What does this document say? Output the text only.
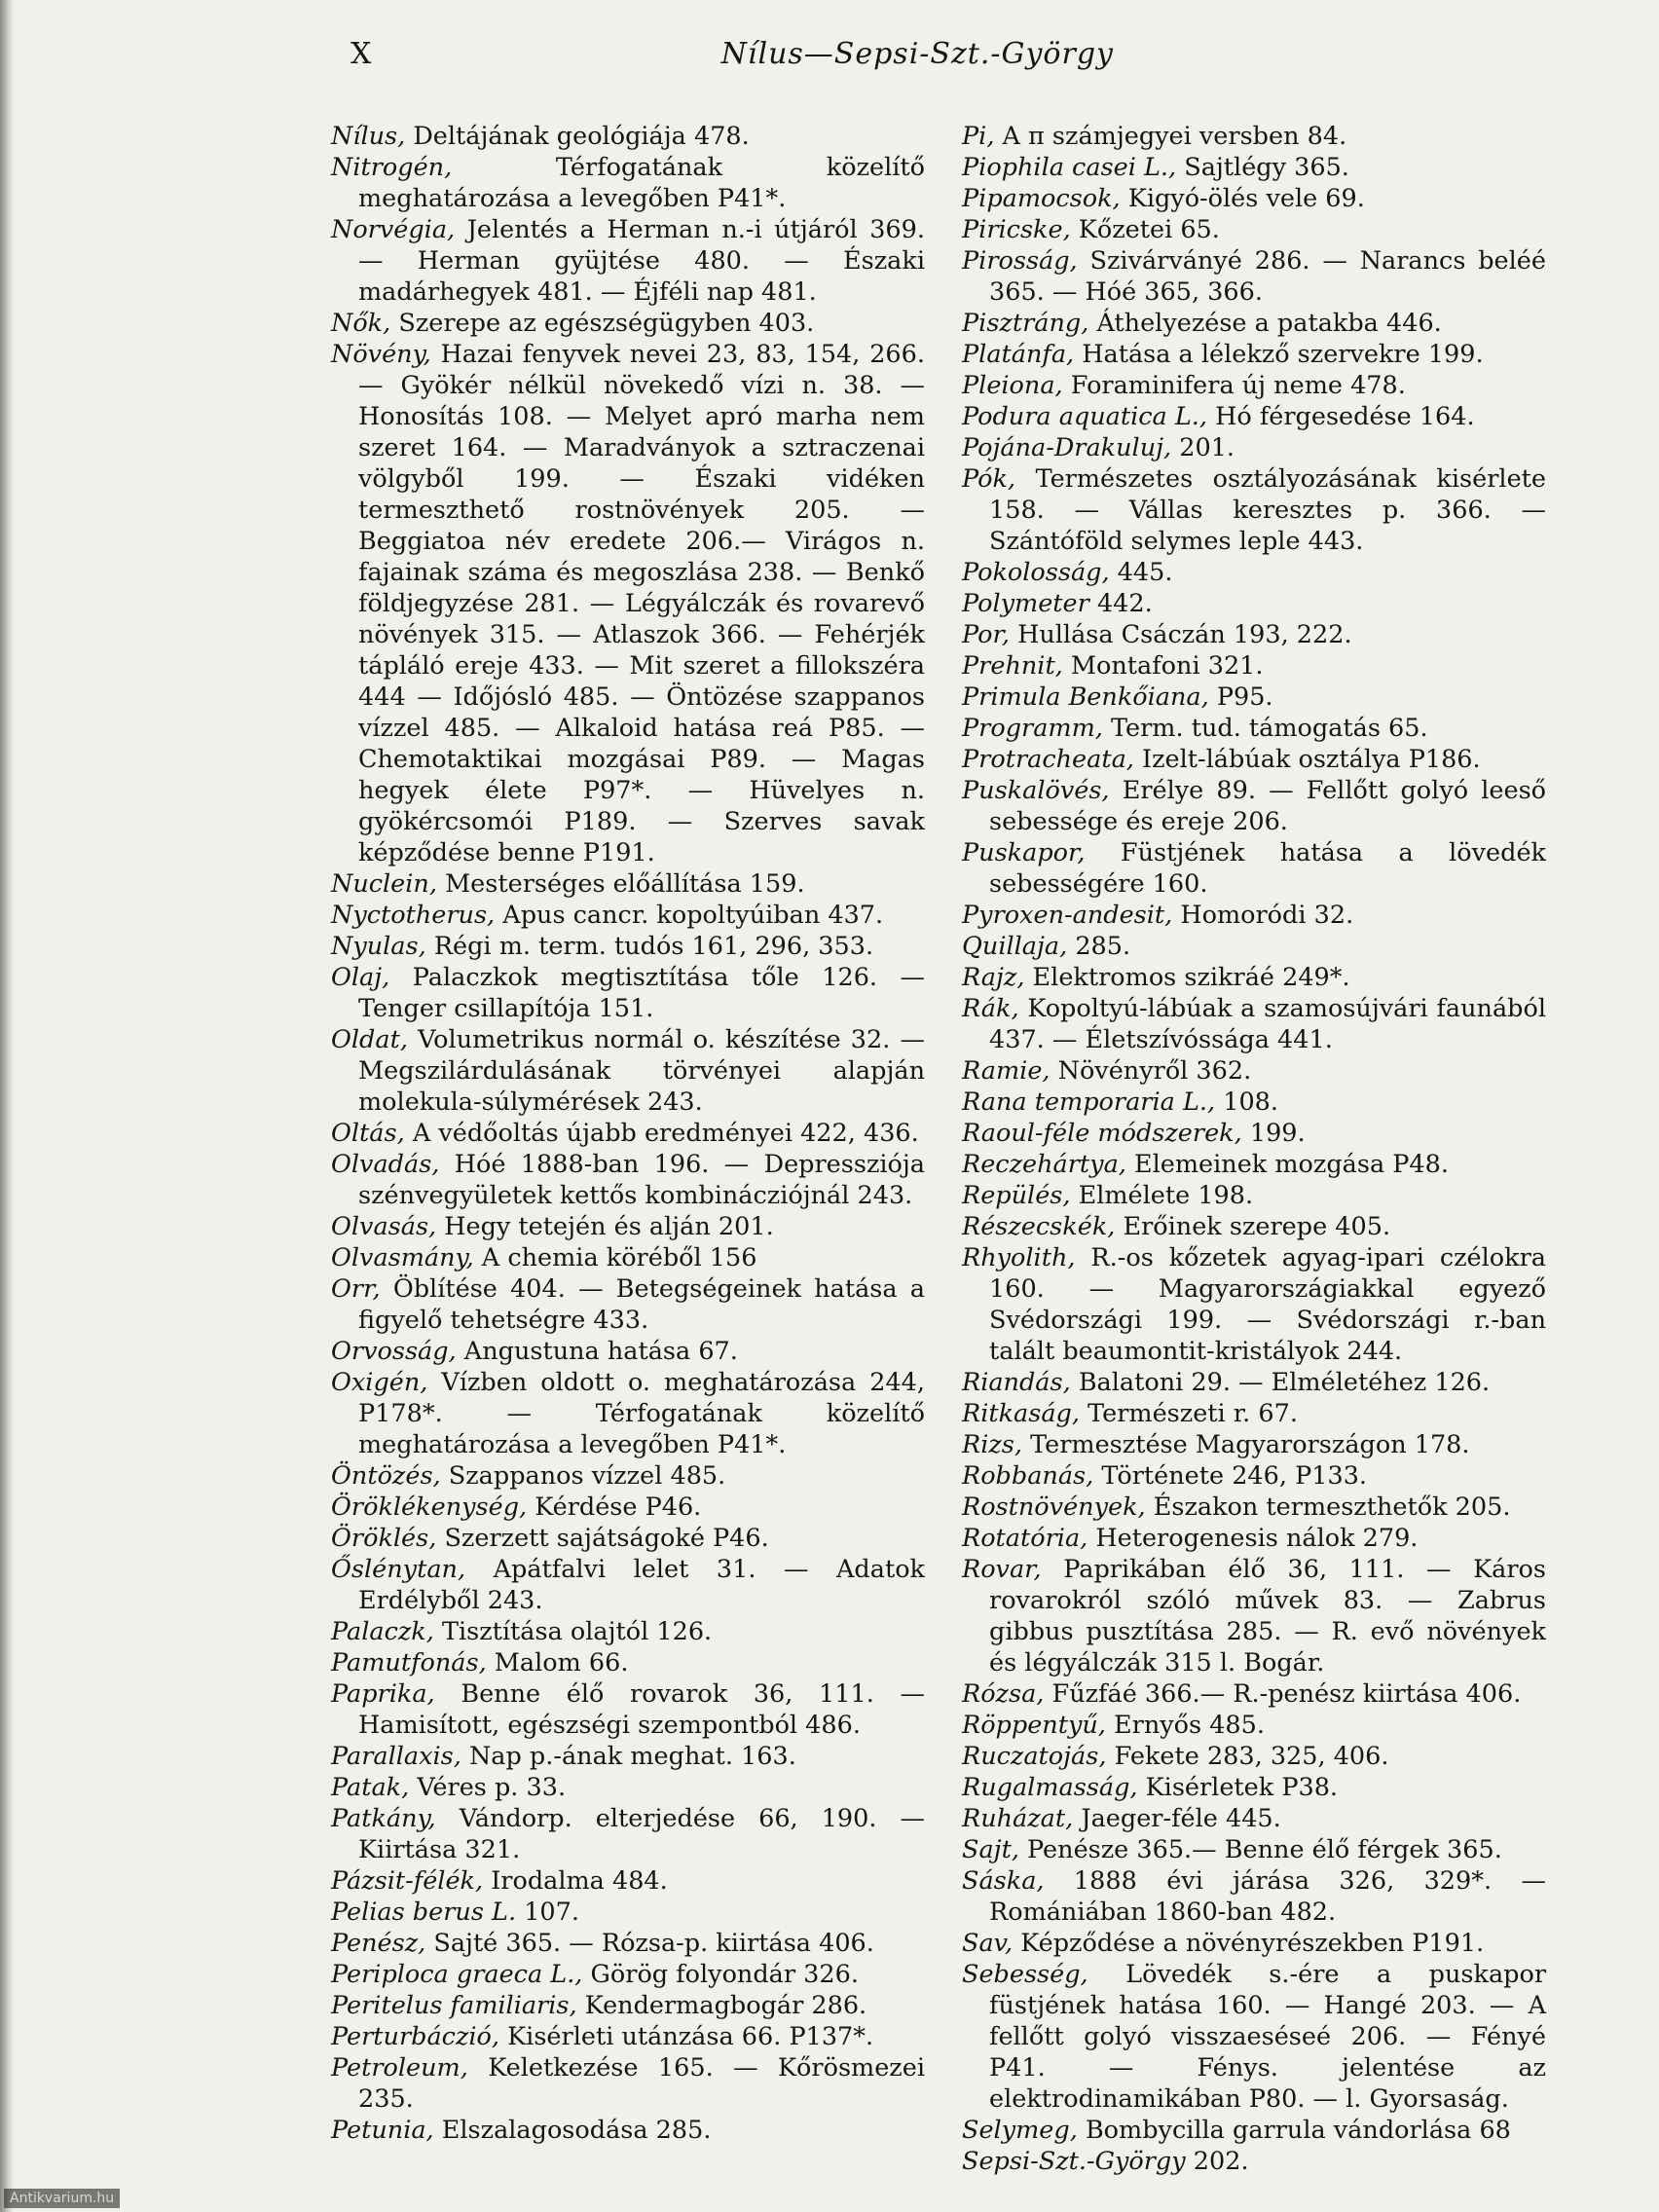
X	Nílus—Sepsi-Szt.-György

Nílus, Deltájának geológiája 478.

Nitrogén,	Térfogatának közelítő meghatározása a levegőben P41*.

Norvégia, Jelentés a Herman n.-i útjáról 369. — Herman gyüjtése 480. — Északi madárhegyek 481. — Éjféli nap 481.

Nők, Szerepe az egészségügyben 403.

Növény, Hazai fenyvek nevei 23, 83, 154, 266. — Gyökér nélkül növekedő vízi n. 38. — Honosítás 108. — Melyet apró marha nem szeret 164. — Maradványok a sztraczenai völgyből 199. — Északi vidéken termeszthető rostnövények 205. — Beggiatoa név eredete 206.— Virágos n. fajainak száma és megoszlása 238. — Benkő földjegyzése 281. — Légyálczák és rovarevő növények 315. — Atlaszok 366. — Fehérjék tápláló ereje 433. — Mit szeret a fillokszéra 444 — Időjósló 485. — Öntözése szappanos vízzel 485. — Alkaloid hatása reá P85. — Chemotaktikai mozgásai P89. — Magas hegyek élete P97*. — Hüvelyes n. gyökércsomói P189. — Szerves savak képződése benne P191.

Nuclein, Mesterséges előállítása 159.

Nyctotherus, Apus cancr. kopoltyúiban 437.

Nyulas, Régi m. term. tudós 161, 296, 353.

Olaj, Palaczkok megtisztítása tőle 126. — Tenger csillapítója 151.

Oldat, Volumetrikus normál o. készítése 32. — Megszilárdulásának törvényei alapján molekula-súlymérések 243.

Oltás, A védőoltás újabb eredményei 422, 436.

Olvadás, Hóé 1888-ban 196. — Depressziója szénvegyületek kettős kombinácziójnál 243.

Olvasás, Hegy tetején és alján 201.

Olvasmány, A chemia köréből 156

Orr, Öblítése 404. — Betegségeinek hatása a figyelő tehetségre 433.

Orvosság, Angustuna hatása 67.

Oxigén, Vízben oldott o. meghatározása 244, P178*. — Térfogatának közelítő meghatározása a levegőben P41*.

Öntözés, Szappanos vízzel 485.

Öröklékenység, Kérdése P46.

Öröklés, Szerzett sajátságoké P46.

Őslénytan, Apátfalvi lelet 31. — Adatok Erdélyből 243.

Palaczk, Tisztítása olajtól 126.

Pamutfonás, Malom 66.

Paprika, Benne élő rovarok 36, 111. — Hamisított, egészségi szempontból 486.

Parallaxis, Nap p.-ának meghat. 163.

Patak, Véres p. 33.

Patkány, Vándorp. elterjedése 66, 190. — Kiirtása 321.

Pázsit-félék, Irodalma 484.

Pelias berus L. 107.

Penész, Sajté 365. — Rózsa-p. kiirtása 406.

Periploca graeca L., Görög folyondár 326.

Peritelus familiaris, Kendermagbogár 286.

Perturbáczió, Kisérleti utánzása 66. P137*.

Petroleum, Keletkezése 165. — Kőrösmezei 235.

Petunia, Elszalagosodása 285.

Pi, A π számjegyei versben 84.

Piophila casei L., Sajtlégy 365.

Pipamocsok, Kigyó-ölés vele 69.

Piricske, Kőzetei 65.

Pirosság, Szivárványé 286. — Narancs beléé 365. — Hóé 365, 366.

Pisztráng, Áthelyezése a patakba 446.

Platánfa, Hatása a lélekző szervekre 199.

Pleiona, Foraminifera új neme 478.

Podura aquatica L., Hó férgesedése 164.

Pojána-Drakuluj, 201.

Pók, Természetes osztályozásának kisérlete 158. — Vállas keresztes p. 366. — Szántóföld selymes leple 443.

Pokolosság, 445.

Polymeter 442.

Por, Hullása Csáczán 193, 222.

Prehnit, Montafoni 321.

Primula Benkőiana, P95.

Programm, Term. tud. támogatás 65.

Protracheata, Izelt-lábúak osztálya P186.

Puskalövés, Erélye 89. — Fellőtt golyó leeső sebessége és ereje 206.

Puskapor, Füstjének hatása a lövedék sebességére 160.

Pyroxen-andesit, Homoródi 32.

Quillaja, 285.

Rajz, Elektromos szikráé 249*.

Rák, Kopoltyú-lábúak a szamosújvári faunából 437. — Életszívóssága 441.

Ramie, Növényről 362.

Rana temporaria L., 108.

Raoul-féle módszerek, 199.

Reczehártya, Elemeinek mozgása P48.

Repülés, Elmélete 198.

Részecskék, Erőinek szerepe 405.

Rhyolith, R.-os kőzetek agyag-ipari czélokra 160. — Magyarországiakkal egyező Svédországi 199. — Svédországi r.-ban talált beaumontit-kristályok 244.

Riandás, Balatoni 29. — Elméletéhez 126.

Ritkaság, Természeti r. 67.

Rizs, Termesztése Magyarországon 178.

Robbanás, Története 246, P133.

Rostnövények, Északon termeszthetők 205.

Rotatória, Heterogenesis nálok 279.

Rovar, Paprikában élő 36, 111. — Káros rovarokról szóló művek 83. — Zabrus gibbus pusztítása 285. — R. evő növények és légyálczák 315 l. Bogár.

Rózsa, Fűzfáé 366.— R.-penész kiirtása 406.

Röppentyű, Ernyős 485.

Ruczatojás, Fekete 283, 325, 406.

Rugalmasság, Kisérletek P38.

Ruházat, Jaeger-féle 445.

Sajt, Penésze 365.— Benne élő férgek 365.

Sáska, 1888 évi járása 326, 329*. — Romániában 1860-ban 482.

Sav, Képződése a növényrészekben P191.

Sebesség, Lövedék s.-ére a puskapor füstjének hatása 160. — Hangé 203. — A fellőtt golyó visszaeséseé 206. — Fényé P41. — Fénys. jelentése az elektrodinamikában P80. — l. Gyorsaság.

Selymeg, Bombycilla garrula vándorlása 68

Sepsi-Szt.-György 202.

Antikvarium.hu
